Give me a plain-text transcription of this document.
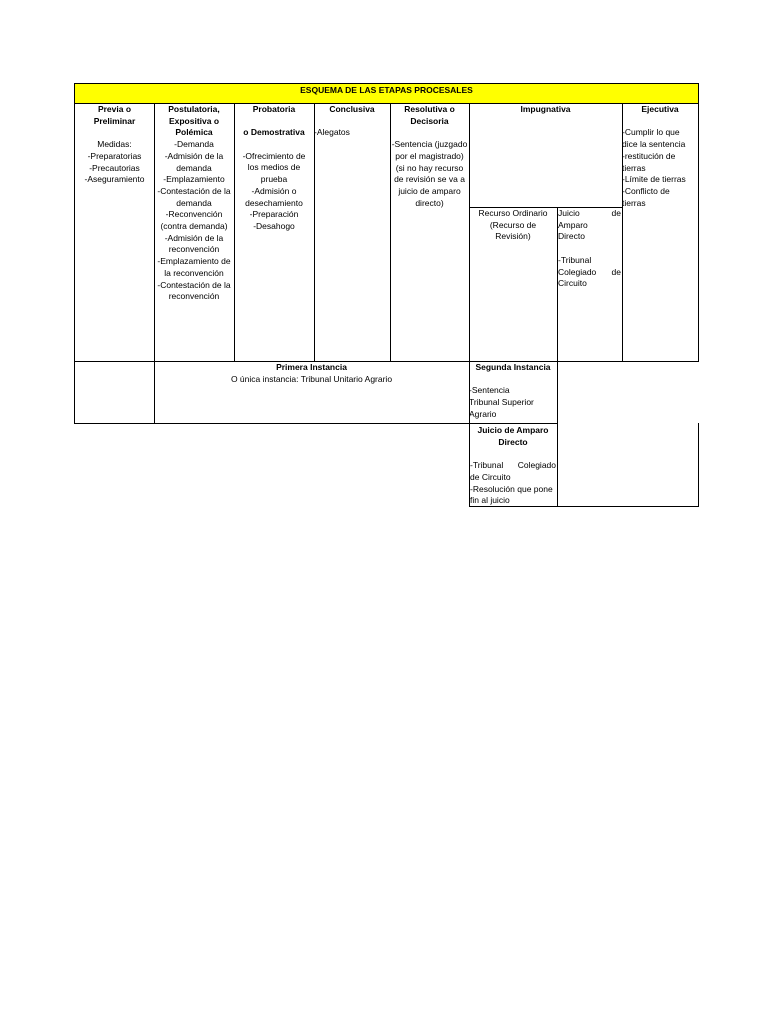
ESQUEMA DE LAS ETAPAS PROCESALES
Previa o
Preliminar
Medidas:
-Preparatorias
-Precautorias
-Aseguramiento
Postulatoria,
Expositiva o
Polémica
-Demanda
-Admisión de la
demanda
-Emplazamiento
-Contestación de la
demanda
-Reconvención
(contra demanda)
-Admisión de la
reconvención
-Emplazamiento de
la reconvención
-Contestación de la
reconvención
Probatoria
o Demostrativa
-Ofrecimiento de
los medios de
prueba
-Admisión o
desechamiento
-Preparación
-Desahogo
Conclusiva
-Alegatos
Resolutiva o
Decisoria
-Sentencia (juzgado
por el magistrado)
(si no hay recurso
de revisión se va a
juicio de amparo
directo)
Impugnativa
Recurso Ordinario
(Recurso de
Revisión)
Juicio	de
Amparo
Directo
-Tribunal
Colegiado de
Circuito
Ejecutiva
-Cumplir lo que
dice la sentencia
-restitución de
tierras
-Límite de tierras
-Conflicto de
tierras
Primera Instancia
O única instancia: Tribunal Unitario Agrario
Segunda Instancia
-Sentencia
Tribunal Superior
Agrario
Juicio de Amparo
Directo
-Tribunal Colegiado
de Circuito
-Resolución que pone
fin al juicio
